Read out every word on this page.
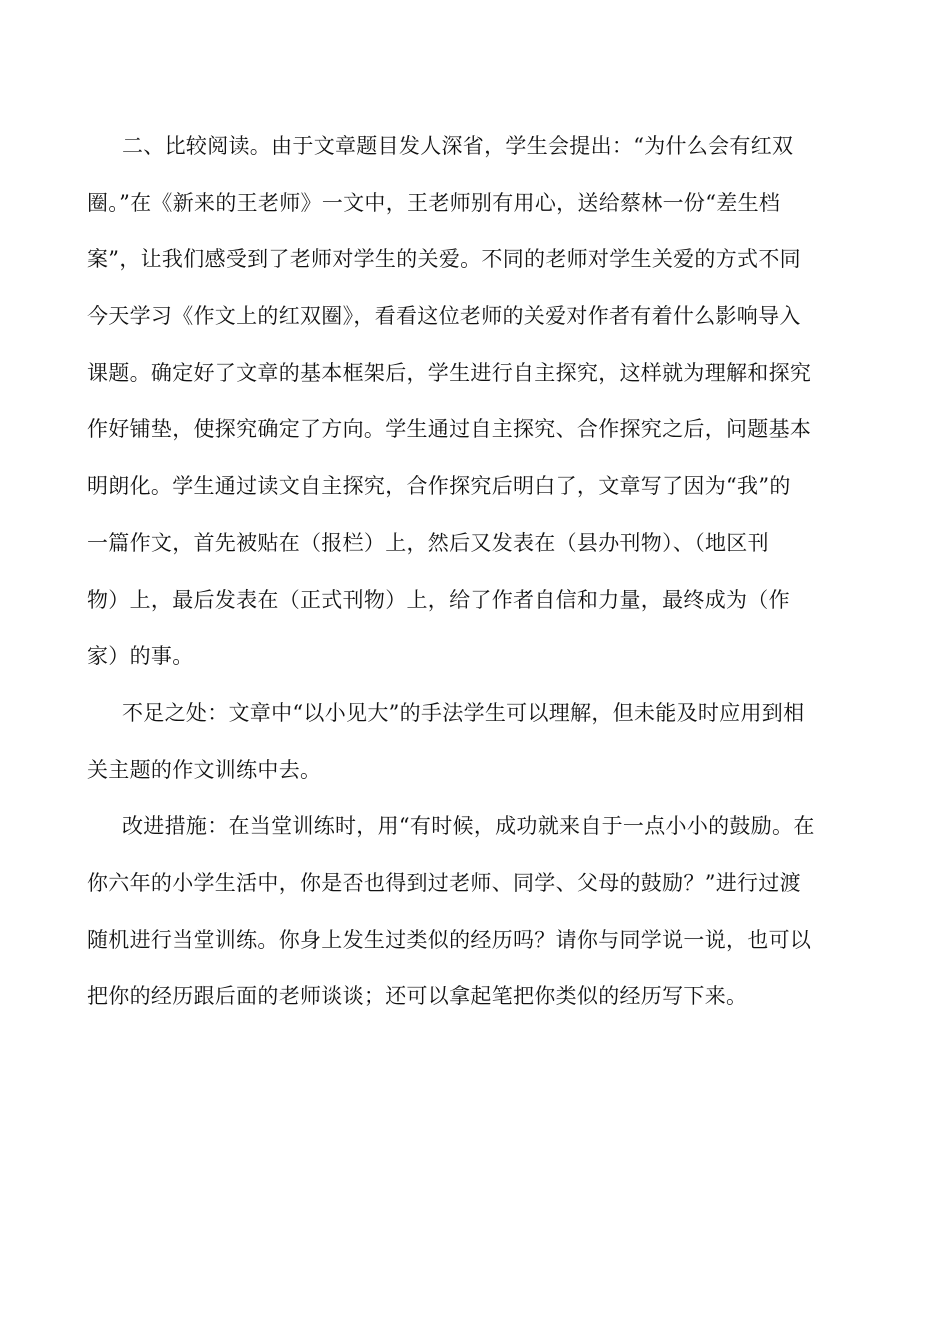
二、比较阅读。由于文章题目发人深省，学生会提出：“为什么会有红双
圈。”在《新来的王老师》一文中，王老师别有用心，送给蔡林一份“差生档
案”，让我们感受到了老师对学生的关爱。不同的老师对学生关爱的方式不同
今天学习《作文上的红双圈》，看看这位老师的关爱对作者有着什么影响导入
课题。确定好了文章的基本框架后，学生进行自主探究，这样就为理解和探究
作好铺垫，使探究确定了方向。学生通过自主探究、合作探究之后，问题基本
明朗化。学生通过读文自主探究，合作探究后明白了，文章写了因为“我”的
一篇作文，首先被贴在（报栏）上，然后又发表在（县办刊物）、（地区刊
物）上，最后发表在（正式刊物）上，给了作者自信和力量，最终成为（作
家）的事。
不足之处：文章中“以小见大”的手法学生可以理解，但未能及时应用到相
关主题的作文训练中去。
改进措施：在当堂训练时，用“有时候，成功就来自于一点小小的鼓励。在
你六年的小学生活中，你是否也得到过老师、同学、父母的鼓励？”进行过渡
随机进行当堂训练。你身上发生过类似的经历吗？请你与同学说一说，也可以
把你的经历跟后面的老师谈谈；还可以拿起笔把你类似的经历写下来。
